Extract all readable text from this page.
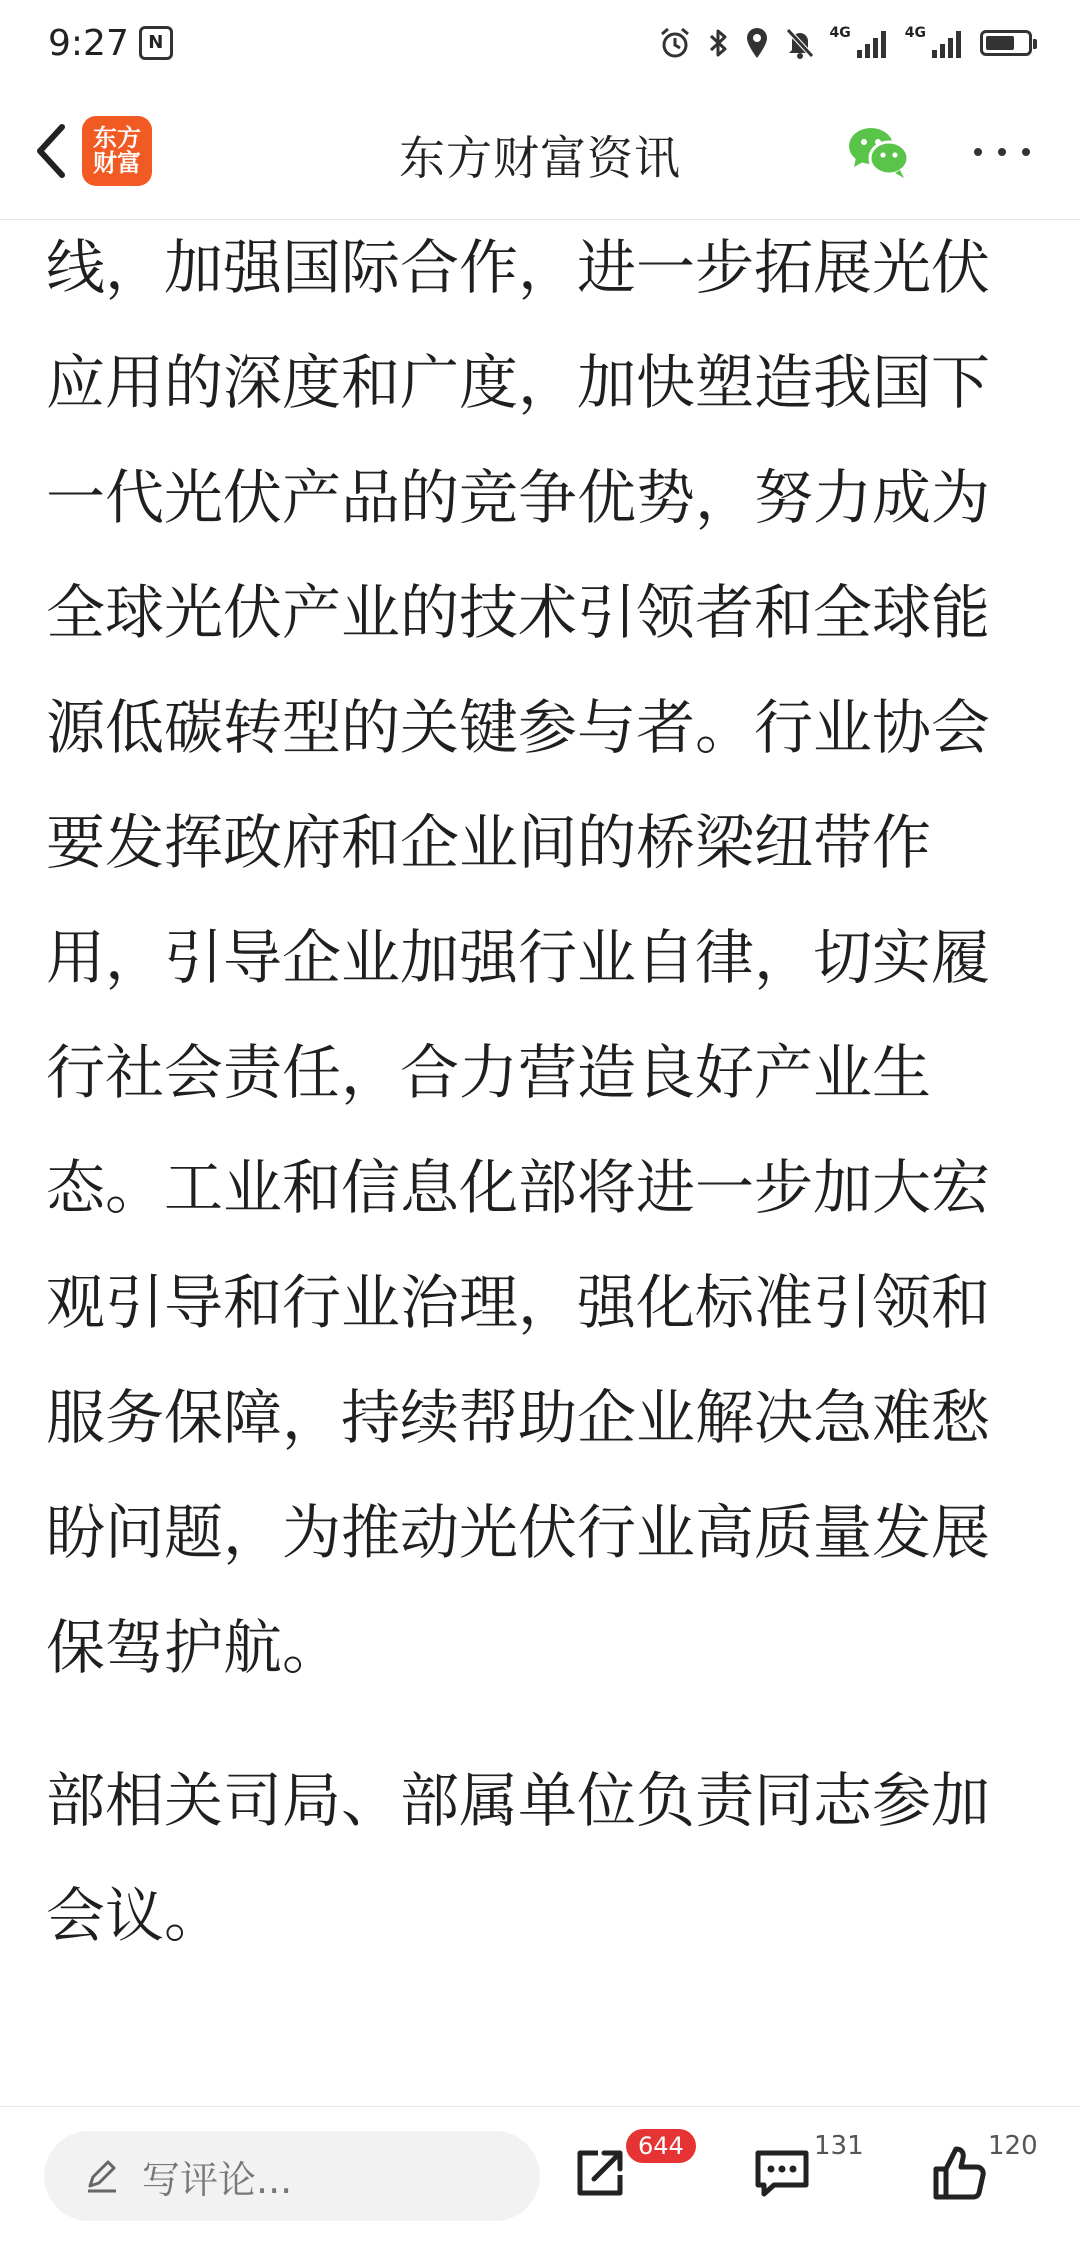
9:27 N	4G	4G
东方
财富	东方财富资讯

线，加强国际合作，进一步拓展光伏应用的深度和广度，加快塑造我国下一代光伏产品的竞争优势，努力成为全球光伏产业的技术引领者和全球能源低碳转型的关键参与者。行业协会要发挥政府和企业间的桥梁纽带作用，引导企业加强行业自律，切实履行社会责任，合力营造良好产业生态。工业和信息化部将进一步加大宏观引导和行业治理，强化标准引领和服务保障，持续帮助企业解决急难愁盼问题，为推动光伏行业高质量发展保驾护航。

部相关司局、部属单位负责同志参加会议。

写评论...
644	131	120
